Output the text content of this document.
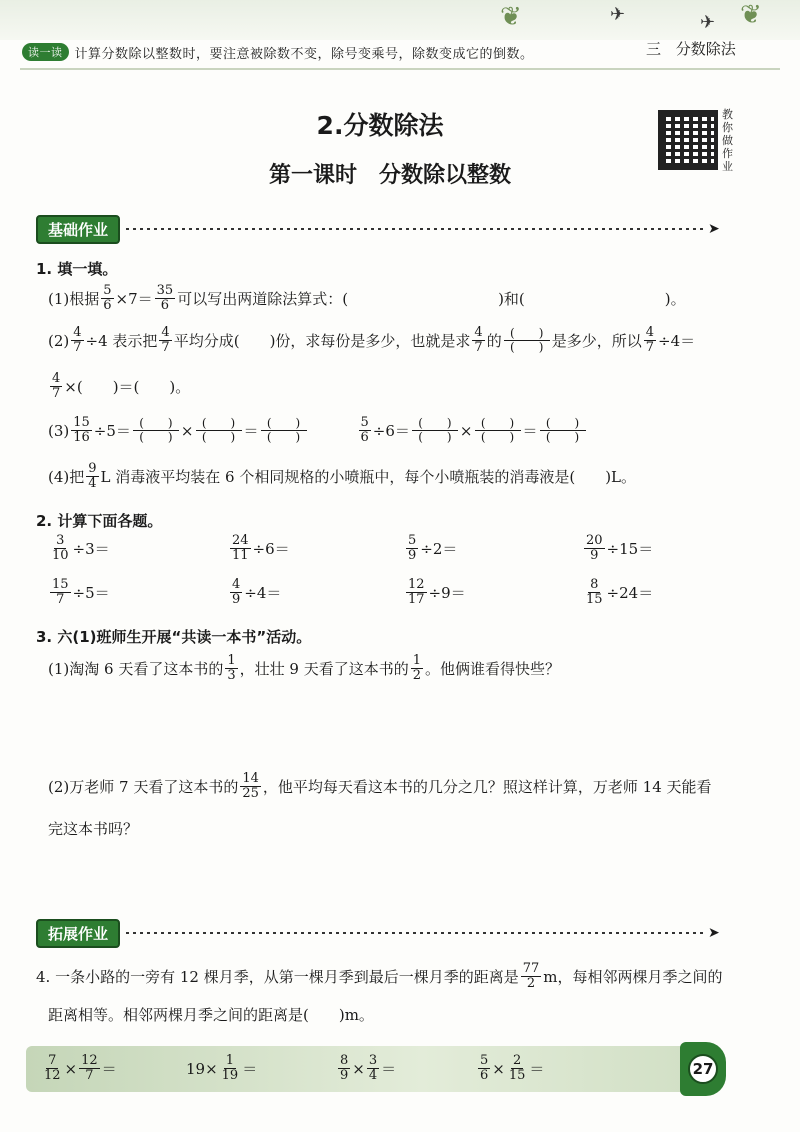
❦	❦
✈	✈
读一读 计算分数除以整数时，要注意被除数不变，除号变乘号，除数变成它的倒数。	三 分数除法
2.分数除法
第一课时　分数除以整数
教你做作业
基础作业	➤
1. 填一填。
(1)根据 $\frac{5}{6} \times 7= \frac{35}{6}$ 可以写出两道除法算式：(	)和(	)。
$(2) \frac{4}{7} \div 4$ 表示把 $\frac{4}{7}$ 平均分成( )份，求每份是多少，也就是求 $\frac{4}{7}$ 的 (　　)
(　　) 是多少，所以 $\frac{4}{7} \div 4=$
$\frac{4}{7}$ ×( )＝( )。
$(3) \frac{15}{16} \div 5=$ (　　)
(　　) × (　　)
(　　) ＝ (　　)
(　　)	$\frac{5}{6} \div 6=$ (　　)
(　　) × (　　)
(　　) ＝ (　　)
(　　)
(4)把 $\frac{9}{4}$ L 消毒液平均装在 6 个相同规格的小喷瓶中，每个小喷瓶装的消毒液是( )L。
2. 计算下面各题。
$\frac{3}{10} \div 3=$	$\frac{24}{11} \div 6=$	$\frac{5}{9} \div 2=$	$\frac{20}{9} \div 15=$
$\frac{15}{7} \div 5=$	$\frac{4}{9} \div 4=$	$\frac{12}{17} \div 9=$	$\frac{8}{15} \div 24=$
3. 六(1)班师生开展“共读一本书”活动。
(1)淘淘 6 天看了这本书的 $\frac{1}{3}$ ，壮壮 9 天看了这本书的 $\frac{1}{2}$ 。他俩谁看得快些？
(2)万老师 7 天看了这本书的 $\frac{14}{25}$ ，他平均每天看这本书的几分之几？照这样计算，万老师 14 天能看
完这本书吗？
拓展作业	➤
4. 一条小路的一旁有 12 棵月季，从第一棵月季到最后一棵月季的距离是 $\frac{77}{2}$ m，每相邻两棵月季之间的
距离相等。相邻两棵月季之间的距离是( )m。
$\frac{7}{12} \times \frac{12}{7}$ ＝	$19\times \frac{1}{19}$ ＝	$\frac{8}{9} \times \frac{3}{4}$ ＝	$\frac{5}{6} \times \frac{2}{15}$ ＝	27
